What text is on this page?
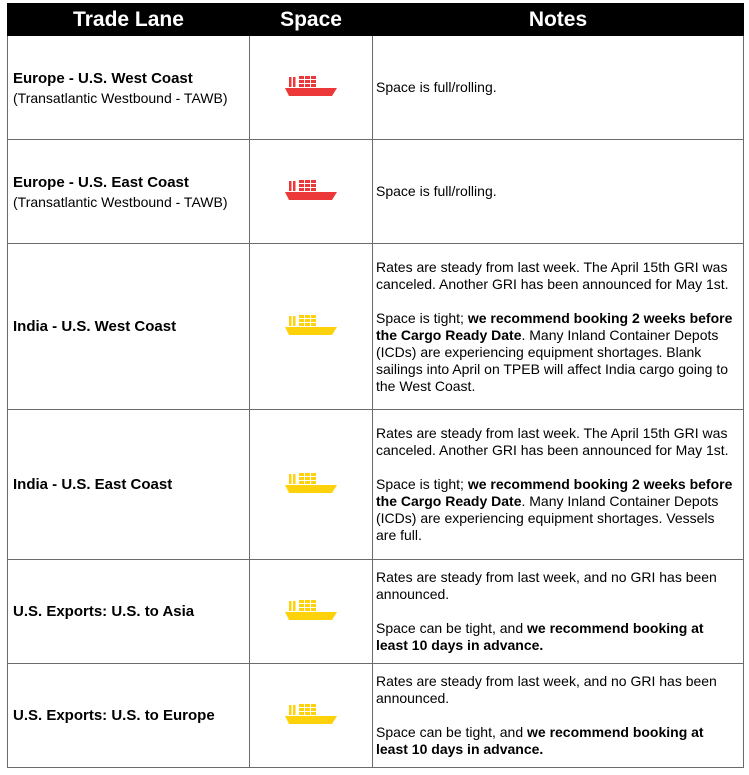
Trade Lane	Space	Notes

Europe - U.S. West Coast
(Transatlantic Westbound - TAWB)		Space is full/rolling.

Europe - U.S. East Coast
(Transatlantic Westbound - TAWB)		Space is full/rolling.

India - U.S. West Coast		Rates are steady from last week. The April 15th GRI was canceled. Another GRI has been announced for May 1st.

Space is tight; we recommend booking 2 weeks before the Cargo Ready Date. Many Inland Container Depots (ICDs) are experiencing equipment shortages. Blank sailings into April on TPEB will affect India cargo going to the West Coast.

India - U.S. East Coast		Rates are steady from last week. The April 15th GRI was canceled. Another GRI has been announced for May 1st.

Space is tight; we recommend booking 2 weeks before the Cargo Ready Date. Many Inland Container Depots (ICDs) are experiencing equipment shortages. Vessels are full.

U.S. Exports: U.S. to Asia		Rates are steady from last week, and no GRI has been announced.

Space can be tight, and we recommend booking at least 10 days in advance.

U.S. Exports: U.S. to Europe		Rates are steady from last week, and no GRI has been announced.

Space can be tight, and we recommend booking at least 10 days in advance.
